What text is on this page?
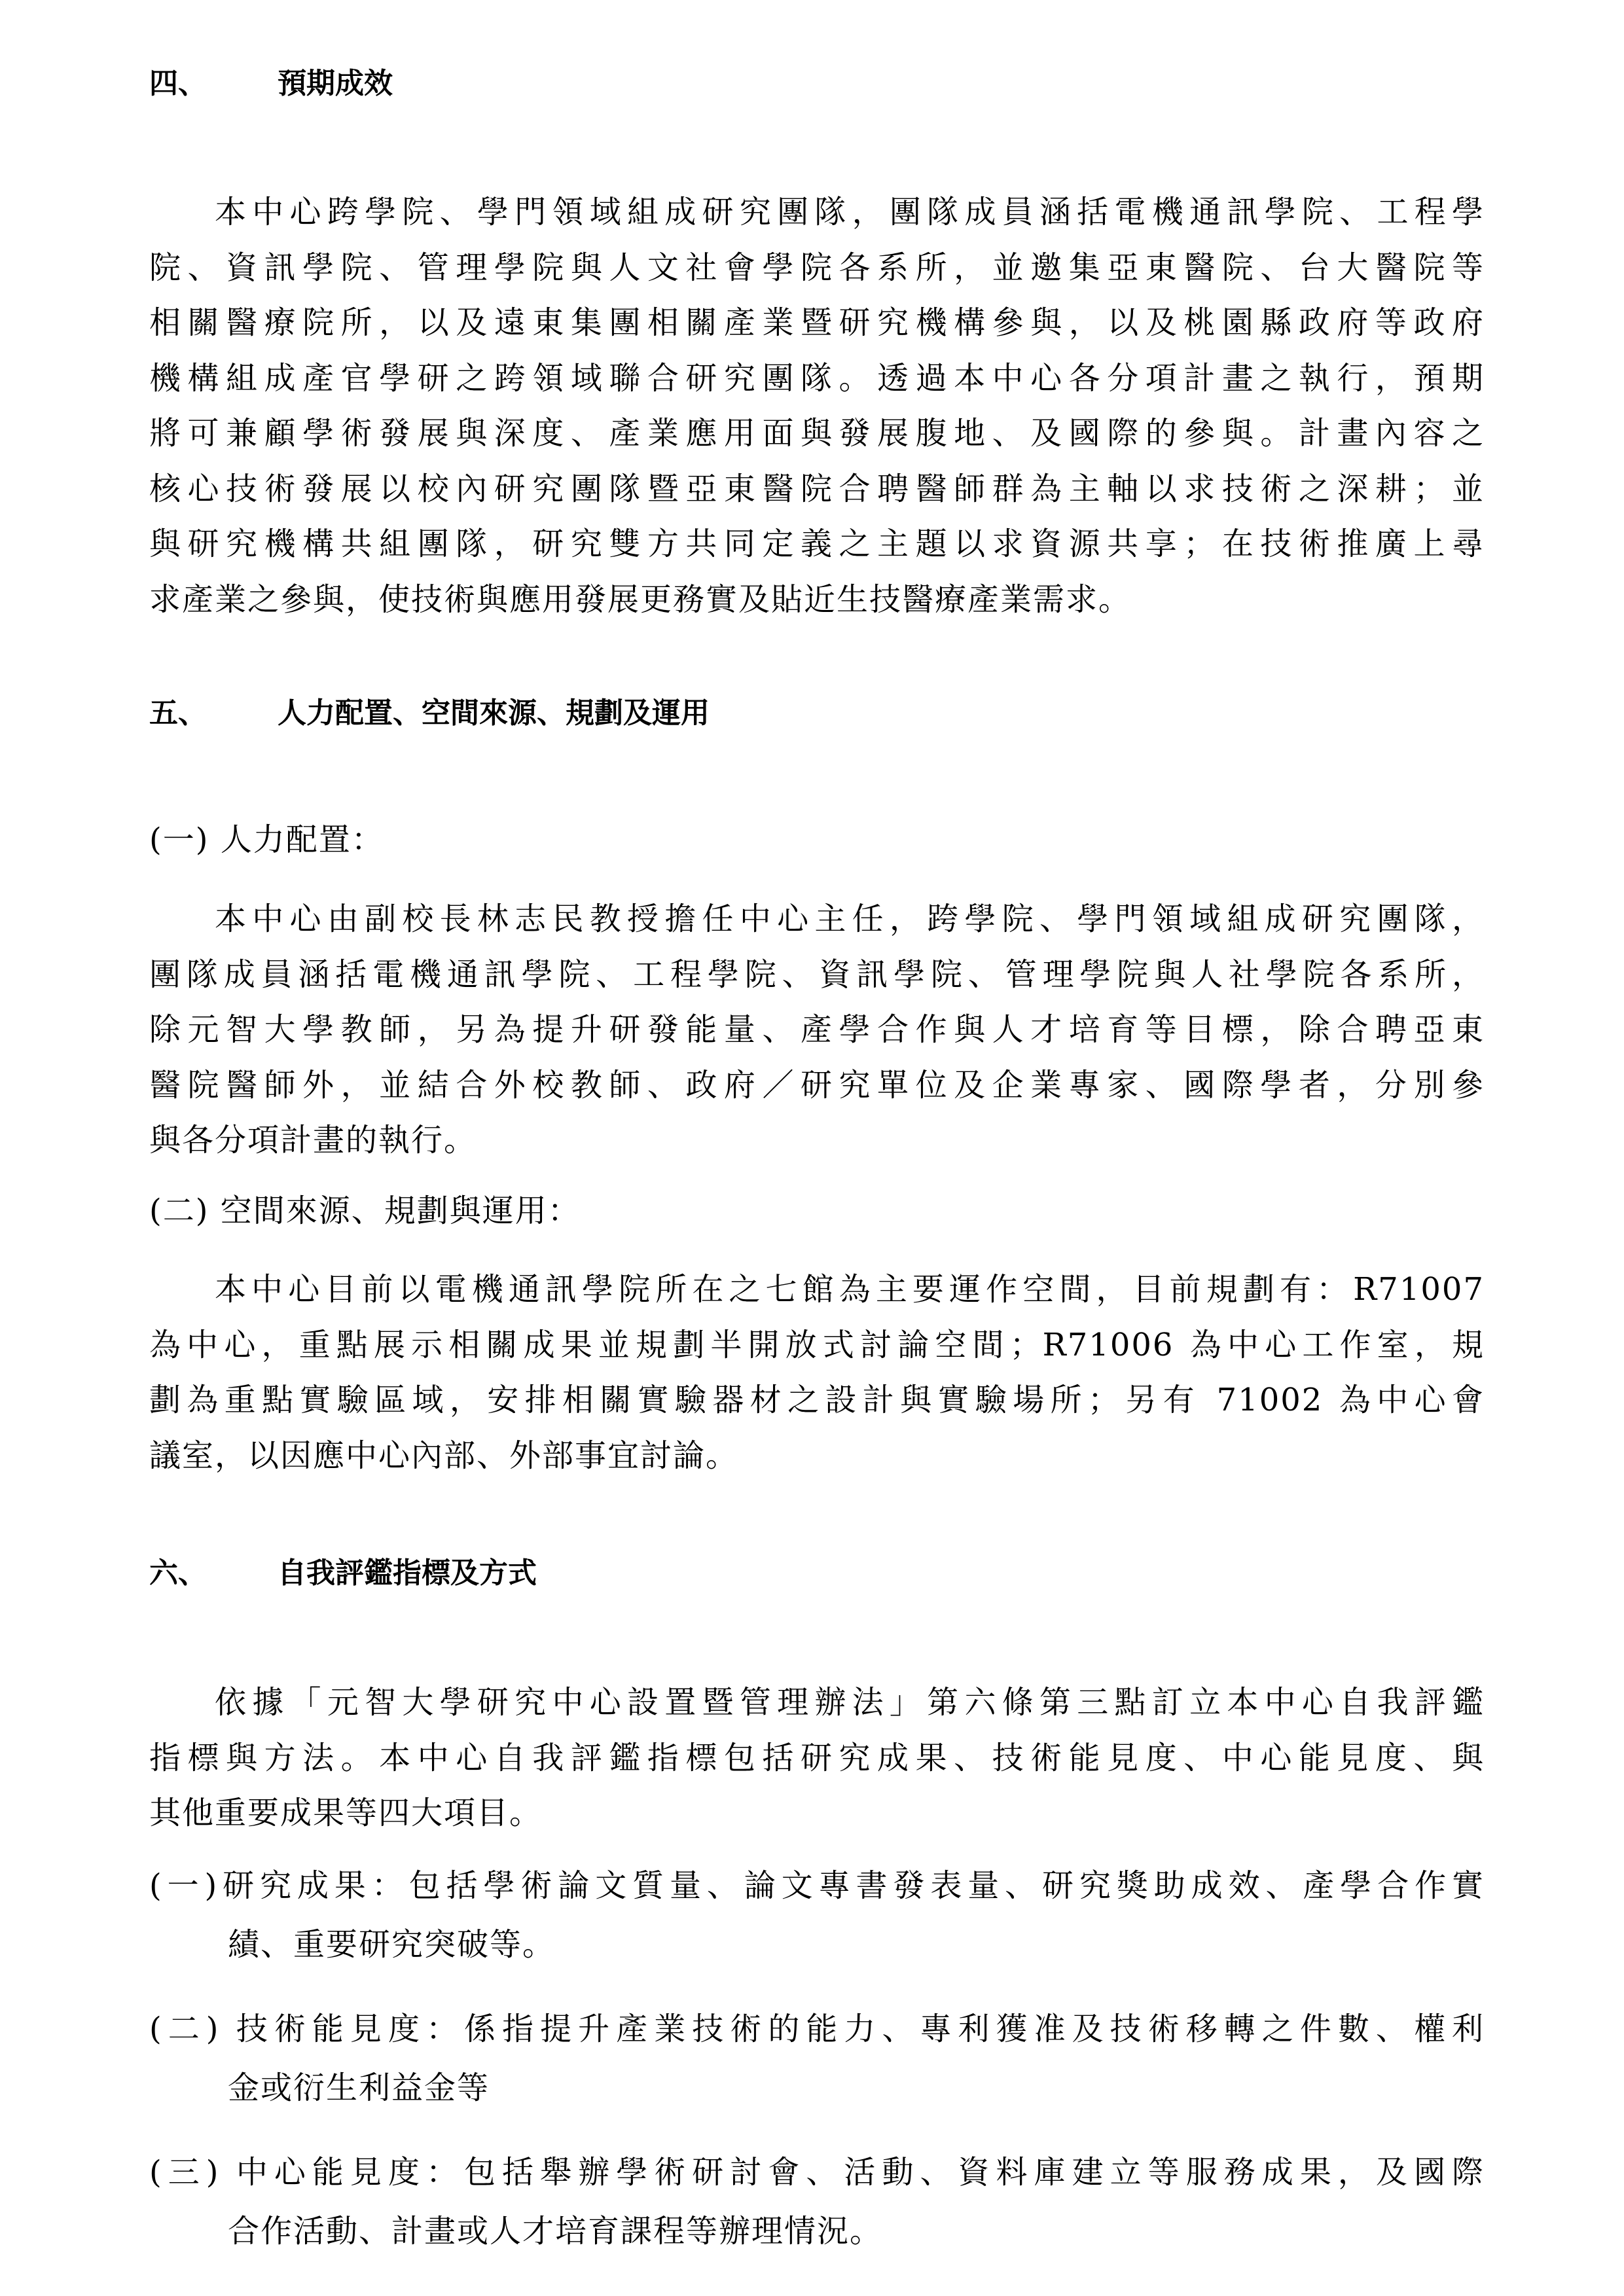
四、 預期成效
本中心跨學院、學門領域組成研究團隊，團隊成員涵括電機通訊學院、工程學
院、資訊學院、管理學院與人文社會學院各系所，並邀集亞東醫院、台大醫院等
相關醫療院所，以及遠東集團相關產業暨研究機構參與，以及桃園縣政府等政府
機構組成產官學研之跨領域聯合研究團隊。透過本中心各分項計畫之執行，預期
將可兼顧學術發展與深度、產業應用面與發展腹地、及國際的參與。計畫內容之
核心技術發展以校內研究團隊暨亞東醫院合聘醫師群為主軸以求技術之深耕；並
與研究機構共組團隊，研究雙方共同定義之主題以求資源共享；在技術推廣上尋
求產業之參與，使技術與應用發展更務實及貼近生技醫療產業需求。
五、 人力配置、空間來源、規劃及運用
(一) 人力配置：
本中心由副校長林志民教授擔任中心主任，跨學院、學門領域組成研究團隊，
團隊成員涵括電機通訊學院、工程學院、資訊學院、管理學院與人社學院各系所，
除元智大學教師，另為提升研發能量、產學合作與人才培育等目標，除合聘亞東
醫院醫師外，並結合外校教師、政府／研究單位及企業專家、國際學者，分別參
與各分項計畫的執行。
(二) 空間來源、規劃與運用：
本中心目前以電機通訊學院所在之七館為主要運作空間，目前規劃有：R71007
為中心，重點展示相關成果並規劃半開放式討論空間；R71006 為中心工作室，規
劃為重點實驗區域，安排相關實驗器材之設計與實驗場所；另有 71002 為中心會
議室，以因應中心內部、外部事宜討論。
六、 自我評鑑指標及方式
依據「元智大學研究中心設置暨管理辦法」第六條第三點訂立本中心自我評鑑
指標與方法。本中心自我評鑑指標包括研究成果、技術能見度、中心能見度、與
其他重要成果等四大項目。
(一)研究成果：包括學術論文質量、論文專書發表量、研究獎助成效、產學合作實
績、重要研究突破等。
(二) 技術能見度：係指提升產業技術的能力、專利獲准及技術移轉之件數、權利
金或衍生利益金等
(三) 中心能見度：包括舉辦學術研討會、活動、資料庫建立等服務成果，及國際
合作活動、計畫或人才培育課程等辦理情況。
